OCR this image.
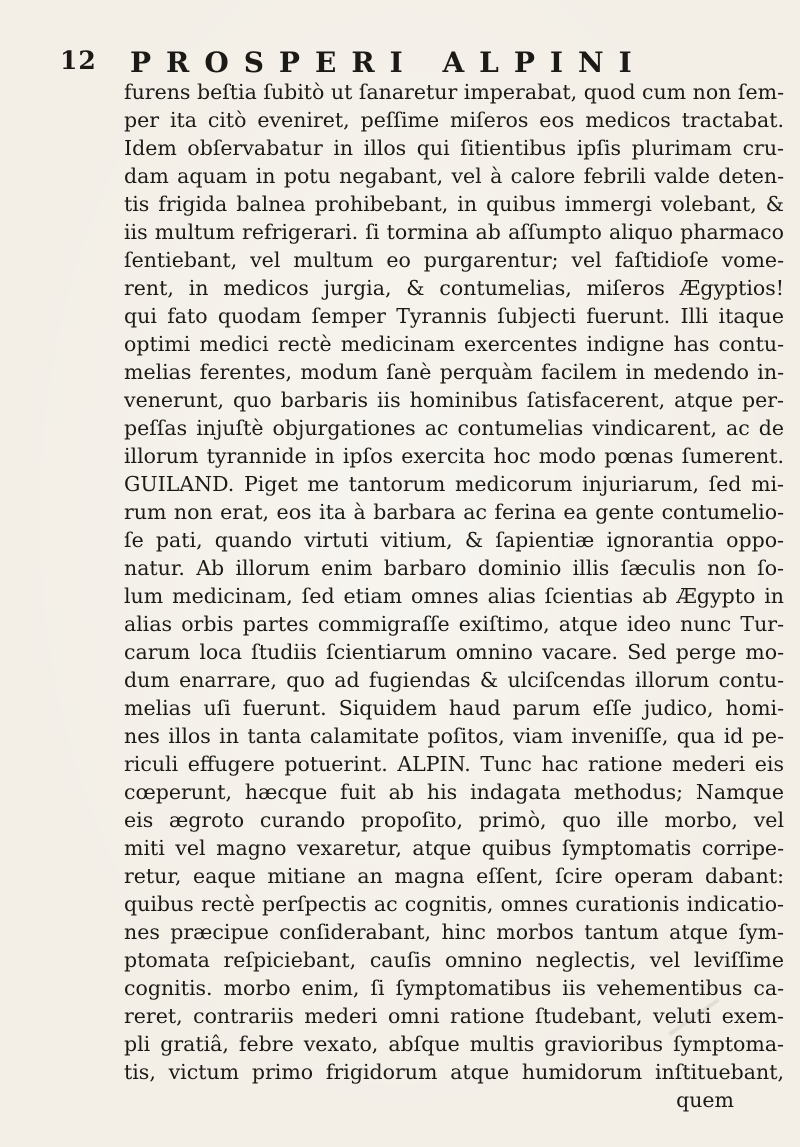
12 PROSPERI ALPINI
furens beſtia ſubitò ut ſanaretur imperabat, quod cum non ſem-
per ita citò eveniret, peſſime miſeros eos medicos tractabat.
Idem obſervabatur in illos qui ſitientibus ipſis plurimam cru-
dam aquam in potu negabant, vel à calore febrili valde deten-
tis frigida balnea prohibebant, in quibus immergi volebant, &
iis multum refrigerari. ſi tormina ab aſſumpto aliquo pharmaco
ſentiebant, vel multum eo purgarentur; vel faſtidioſe vome-
rent, in medicos jurgia, & contumelias, miſeros Ægyptios!
qui fato quodam ſemper Tyrannis ſubjecti fuerunt. Illi itaque
optimi medici rectè medicinam exercentes indigne has contu-
melias ferentes, modum ſanè perquàm facilem in medendo in-
venerunt, quo barbaris iis hominibus ſatisfacerent, atque per-
peſſas injuſtè objurgationes ac contumelias vindicarent, ac de
illorum tyrannide in ipſos exercita hoc modo pœnas ſumerent.
GUILAND. Piget me tantorum medicorum injuriarum, ſed mi-
rum non erat, eos ita à barbara ac ferina ea gente contumelio-
ſe pati, quando virtuti vitium, & ſapientiæ ignorantia oppo-
natur. Ab illorum enim barbaro dominio illis ſæculis non ſo-
lum medicinam, ſed etiam omnes alias ſcientias ab Ægypto in
alias orbis partes commigraſſe exiſtimo, atque ideo nunc Tur-
carum loca ſtudiis ſcientiarum omnino vacare. Sed perge mo-
dum enarrare, quo ad fugiendas & ulciſcendas illorum contu-
melias uſi fuerunt. Siquidem haud parum eſſe judico, homi-
nes illos in tanta calamitate poſitos, viam inveniſſe, qua id pe-
riculi effugere potuerint. ALPIN. Tunc hac ratione mederi eis
cœperunt, hæcque fuit ab his indagata methodus; Namque
eis ægroto curando propoſito, primò, quo ille morbo, vel
miti vel magno vexaretur, atque quibus ſymptomatis corripe-
retur, eaque mitiane an magna eſſent, ſcire operam dabant:
quibus rectè perſpectis ac cognitis, omnes curationis indicatio-
nes præcipue conſiderabant, hinc morbos tantum atque ſym-
ptomata reſpiciebant, cauſis omnino neglectis, vel leviſſime
cognitis. morbo enim, ſi ſymptomatibus iis vehementibus ca-
reret, contrariis mederi omni ratione ſtudebant, veluti exem-
pli gratiâ, febre vexato, abſque multis gravioribus ſymptoma-
tis, victum primo frigidorum atque humidorum inſtituebant,
quem
